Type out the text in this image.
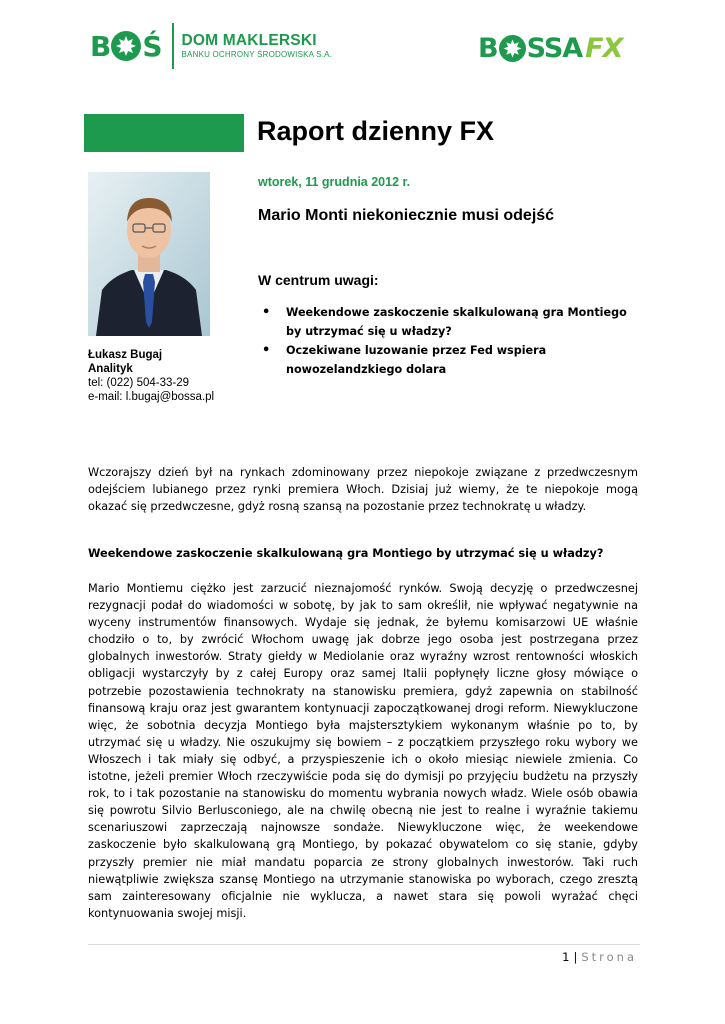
B Ś DOM MAKLERSKI
BANKU OCHRONY ŚRODOWISKA S.A.	B SSA FX
Raport dzienny FX
Łukasz Bugaj
Analityk
tel: (022) 504-33-29
e-mail: l.bugaj@bossa.pl
wtorek, 11 grudnia 2012 r.
Mario Monti niekoniecznie musi odejść
W centrum uwagi:
• Weekendowe zaskoczenie skalkulowaną gra Montiego by utrzymać się u władzy?
• Oczekiwane luzowanie przez Fed wspiera nowozelandzkiego dolara

Wczorajszy dzień był na rynkach zdominowany przez niepokoje związane z przedwczesnym odejściem lubianego przez rynki premiera Włoch. Dzisiaj już wiemy, że te niepokoje mogą okazać się przedwczesne, gdyż rosną szansą na pozostanie przez technokratę u władzy.

Weekendowe zaskoczenie skalkulowaną gra Montiego by utrzymać się u władzy?

Mario Montiemu ciężko jest zarzucić nieznajomość rynków. Swoją decyzję o przedwczesnej rezygnacji podał do wiadomości w sobotę, by jak to sam określił, nie wpływać negatywnie na wyceny instrumentów finansowych. Wydaje się jednak, że byłemu komisarzowi UE właśnie chodziło o to, by zwrócić Włochom uwagę jak dobrze jego osoba jest postrzegana przez globalnych inwestorów. Straty giełdy w Mediolanie oraz wyraźny wzrost rentowności włoskich obligacji wystarczyły by z całej Europy oraz samej Italii popłynęły liczne głosy mówiące o potrzebie pozostawienia technokraty na stanowisku premiera, gdyż zapewnia on stabilność finansową kraju oraz jest gwarantem kontynuacji zapoczątkowanej drogi reform. Niewykluczone więc, że sobotnia decyzja Montiego była majstersztykiem wykonanym właśnie po to, by utrzymać się u władzy. Nie oszukujmy się bowiem – z początkiem przyszłego roku wybory we Włoszech i tak miały się odbyć, a przyspieszenie ich o około miesiąc niewiele zmienia. Co istotne, jeżeli premier Włoch rzeczywiście poda się do dymisji po przyjęciu budżetu na przyszły rok, to i tak pozostanie na stanowisku do momentu wybrania nowych władz. Wiele osób obawia się powrotu Silvio Berlusconiego, ale na chwilę obecną nie jest to realne i wyraźnie takiemu scenariuszowi zaprzeczają najnowsze sondaże. Niewykluczone więc, że weekendowe zaskoczenie było skalkulowaną grą Montiego, by pokazać obywatelom co się stanie, gdyby przyszły premier nie miał mandatu poparcia ze strony globalnych inwestorów. Taki ruch niewątpliwie zwiększa szansę Montiego na utrzymanie stanowiska po wyborach, czego zresztą sam zainteresowany oficjalnie nie wyklucza, a nawet stara się powoli wyrażać chęci kontynuowania swojej misji.

1 | Strona
